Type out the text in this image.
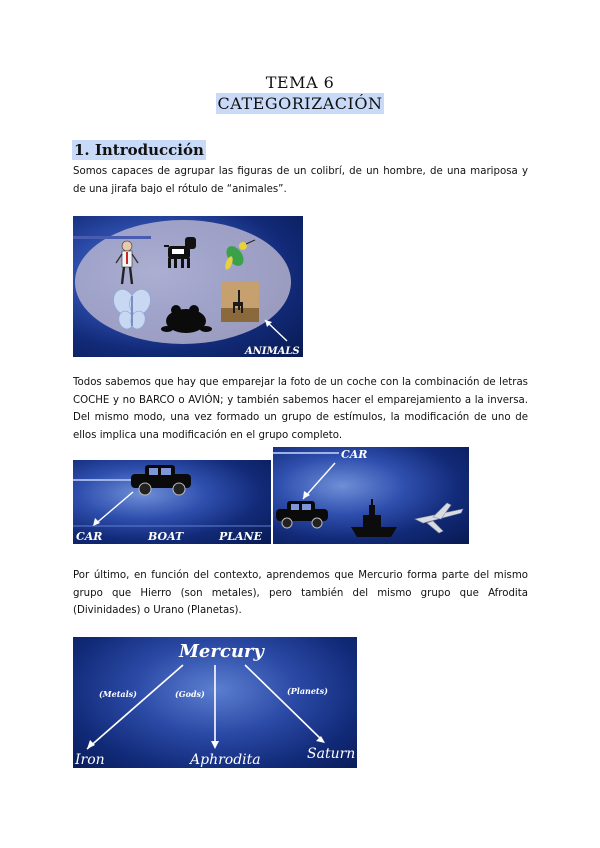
TEMA 6
CATEGORIZACIÓN
1. Introducción

Somos capaces de agrupar las figuras de un colibrí, de un hombre, de una mariposa y de una jirafa bajo el rótulo de “animales”.

ANIMALS

Todos sabemos que hay que emparejar la foto de un coche con la combinación de letras COCHE y no BARCO o AVIÓN; y también sabemos hacer el emparejamiento a la inversa. Del mismo modo, una vez formado un grupo de estímulos, la modificación de uno de ellos implica una modificación en el grupo completo.

CAR	BOAT	PLANE
CAR

Por último, en función del contexto, aprendemos que Mercurio forma parte del mismo grupo que Hierro (son metales), pero también del mismo grupo que Afrodita (Divinidades) o Urano (Planetas).

Mercury
(Metals)	(Gods)	(Planets)
Iron	Aphrodita	Saturn
